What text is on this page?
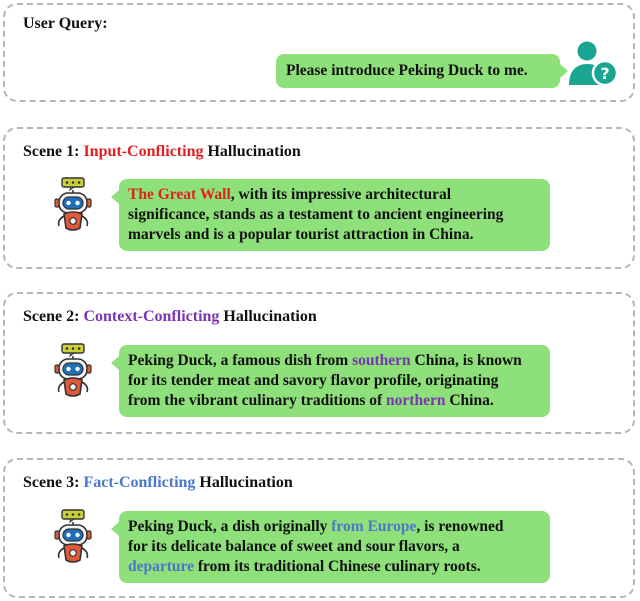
User Query:
Please introduce Peking Duck to me.	?
Scene 1: Input-Conflicting Hallucination
The Great Wall, with its impressive architectural
significance, stands as a testament to ancient engineering
marvels and is a popular tourist attraction in China.
Scene 2: Context-Conflicting Hallucination
Peking Duck, a famous dish from southern China, is known
for its tender meat and savory flavor profile, originating
from the vibrant culinary traditions of northern China.
Scene 3: Fact-Conflicting Hallucination
Peking Duck, a dish originally from Europe, is renowned
for its delicate balance of sweet and sour flavors, a
departure from its traditional Chinese culinary roots.
